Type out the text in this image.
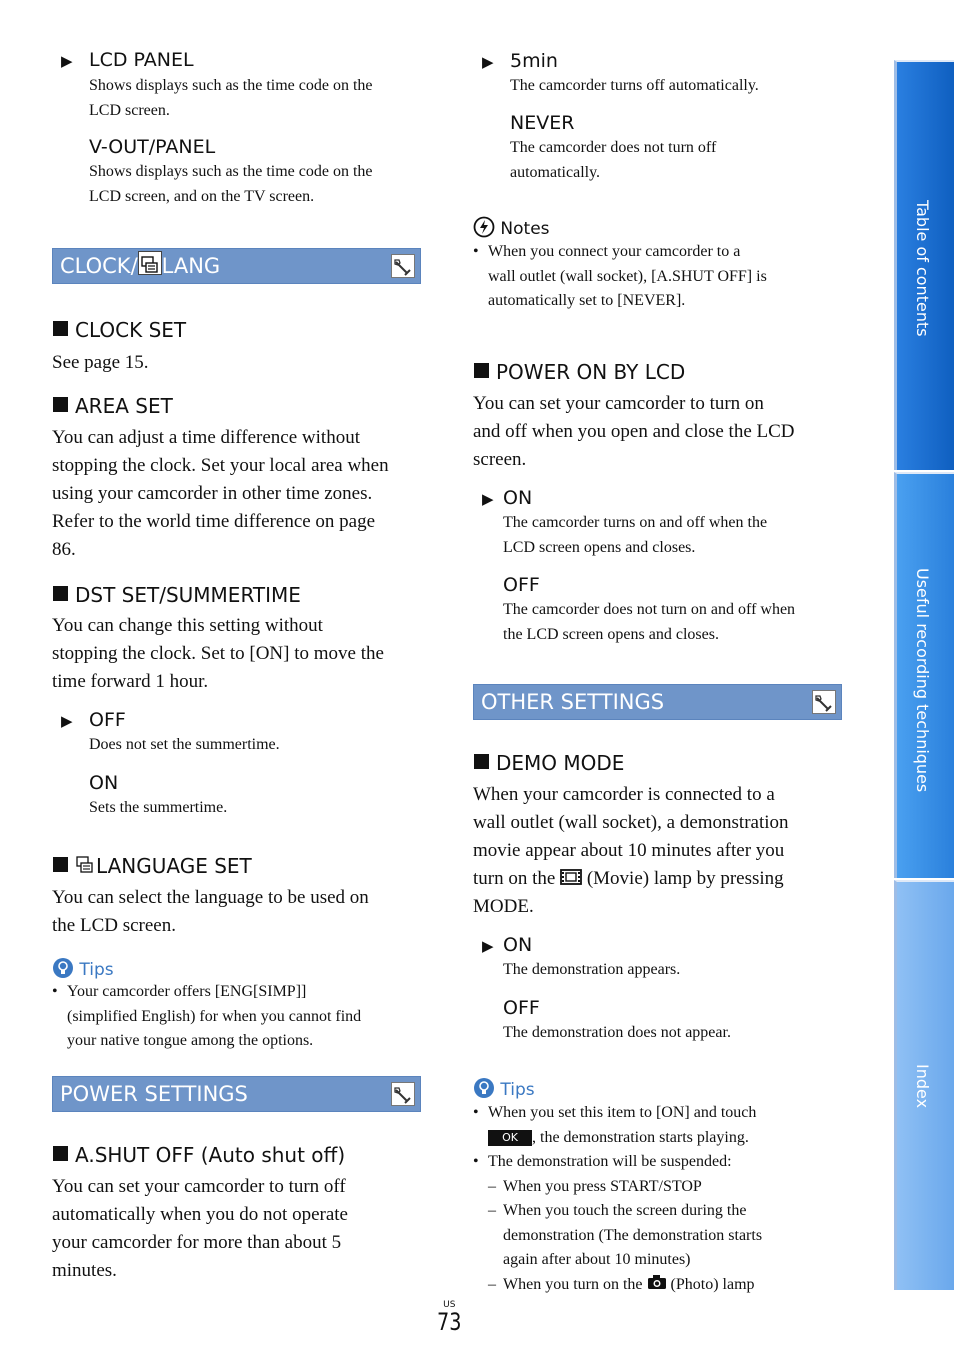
▶ LCD PANEL
Shows displays such as the time code on the
LCD screen.
V-OUT/PANEL
Shows displays such as the time code on the
LCD screen, and on the TV screen.
CLOCK/ LANG
CLOCK SET
See page 15.
AREA SET
You can adjust a time difference without
stopping the clock. Set your local area when
using your camcorder in other time zones.
Refer to the world time difference on page
86.
DST SET/SUMMERTIME
You can change this setting without
stopping the clock. Set to [ON] to move the
time forward 1 hour.
▶ OFF
Does not set the summertime.
ON
Sets the summertime.
LANGUAGE SET
You can select the language to be used on
the LCD screen.
Tips
• Your camcorder offers [ENG[SIMP]]
(simplified English) for when you cannot find
your native tongue among the options.
POWER SETTINGS
A.SHUT OFF (Auto shut off)
You can set your camcorder to turn off
automatically when you do not operate
your camcorder for more than about 5
minutes.
▶ 5min
The camcorder turns off automatically.
NEVER
The camcorder does not turn off
automatically.
Notes
• When you connect your camcorder to a
wall outlet (wall socket), [A.SHUT OFF] is
automatically set to [NEVER].
POWER ON BY LCD
You can set your camcorder to turn on
and off when you open and close the LCD
screen.
▶ ON
The camcorder turns on and off when the
LCD screen opens and closes.
OFF
The camcorder does not turn on and off when
the LCD screen opens and closes.
OTHER SETTINGS
DEMO MODE
When your camcorder is connected to a
wall outlet (wall socket), a demonstration
movie appear about 10 minutes after you
turn on the (Movie) lamp by pressing
MODE.
▶ ON
The demonstration appears.
OFF
The demonstration does not appear.
Tips
• When you set this item to [ON] and touch
OK , the demonstration starts playing.
• The demonstration will be suspended:
– When you press START/STOP
– When you touch the screen during the
demonstration (The demonstration starts
again after about 10 minutes)
– When you turn on the (Photo) lamp
Table of contents
Useful recording techniques
Index
US
73
